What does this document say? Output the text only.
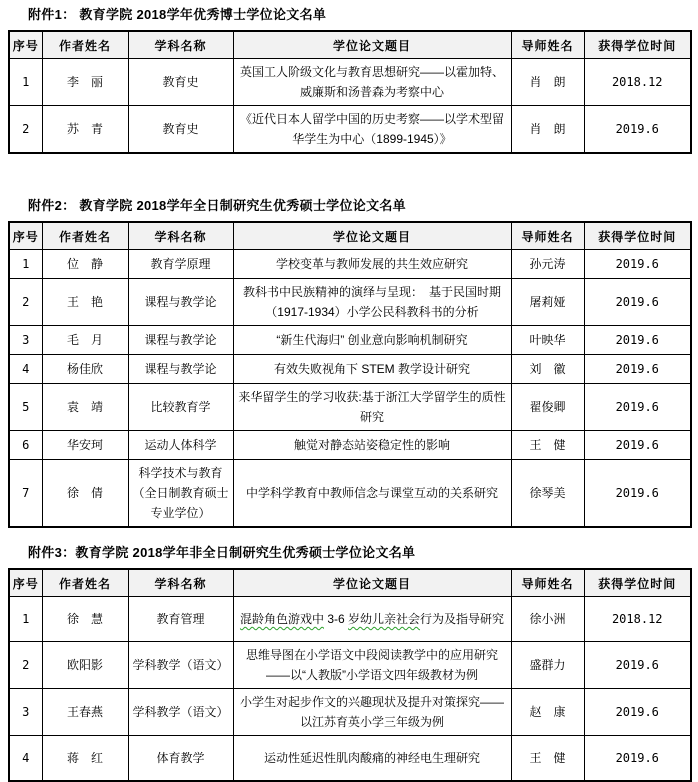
附件1： 教育学院 2018学年优秀博士学位论文名单
序号	作者姓名	学科名称	学位论文题目	导师姓名	获得学位时间
1	李　丽	教育史	英国工人阶级文化与教育思想研究——以霍加特、威廉斯和汤普森为考察中心	肖　朗	2018.12
2	苏　青	教育史	《近代日本人留学中国的历史考察——以学术型留华学生为中心（1899-1945）》	肖　朗	2019.6
附件2： 教育学院 2018学年全日制研究生优秀硕士学位论文名单
序号	作者姓名	学科名称	学位论文题目	导师姓名	获得学位时间
1	位　静	教育学原理	学校变革与教师发展的共生效应研究	孙元涛	2019.6
2	王　艳	课程与教学论	教科书中民族精神的演绎与呈现：　基于民国时期（1917-1934）小学公民科教科书的分析	屠莉娅	2019.6
3	毛　月	课程与教学论	“新生代海归” 创业意向影响机制研究	叶映华	2019.6
4	杨佳欣	课程与教学论	有效失败视角下 STEM 教学设计研究	刘　徽	2019.6
5	袁　靖	比较教育学	来华留学生的学习收获:基于浙江大学留学生的质性研究	翟俊卿	2019.6
6	华安珂	运动人体科学	触觉对静态站姿稳定性的影响	王　健	2019.6
7	徐　倩	科学技术与教育（全日制教育硕士专业学位）	中学科学教育中教师信念与课堂互动的关系研究	徐琴美	2019.6
附件3：教育学院 2018学年非全日制研究生优秀硕士学位论文名单
序号	作者姓名	学科名称	学位论文题目	导师姓名	获得学位时间
1	徐　慧	教育管理	混龄角色游戏中 3-6 岁幼儿亲社会行为及指导研究	徐小洲	2018.12
2	欧阳影	学科教学（语文）	思维导图在小学语文中段阅读教学中的应用研究——以“人教版”小学语文四年级教材为例	盛群力	2019.6
3	王春燕	学科教学（语文）	小学生对起步作文的兴趣现状及提升对策探究——以江苏育英小学三年级为例	赵　康	2019.6
4	蒋　红	体育教学	运动性延迟性肌肉酸痛的神经电生理研究	王　健	2019.6
